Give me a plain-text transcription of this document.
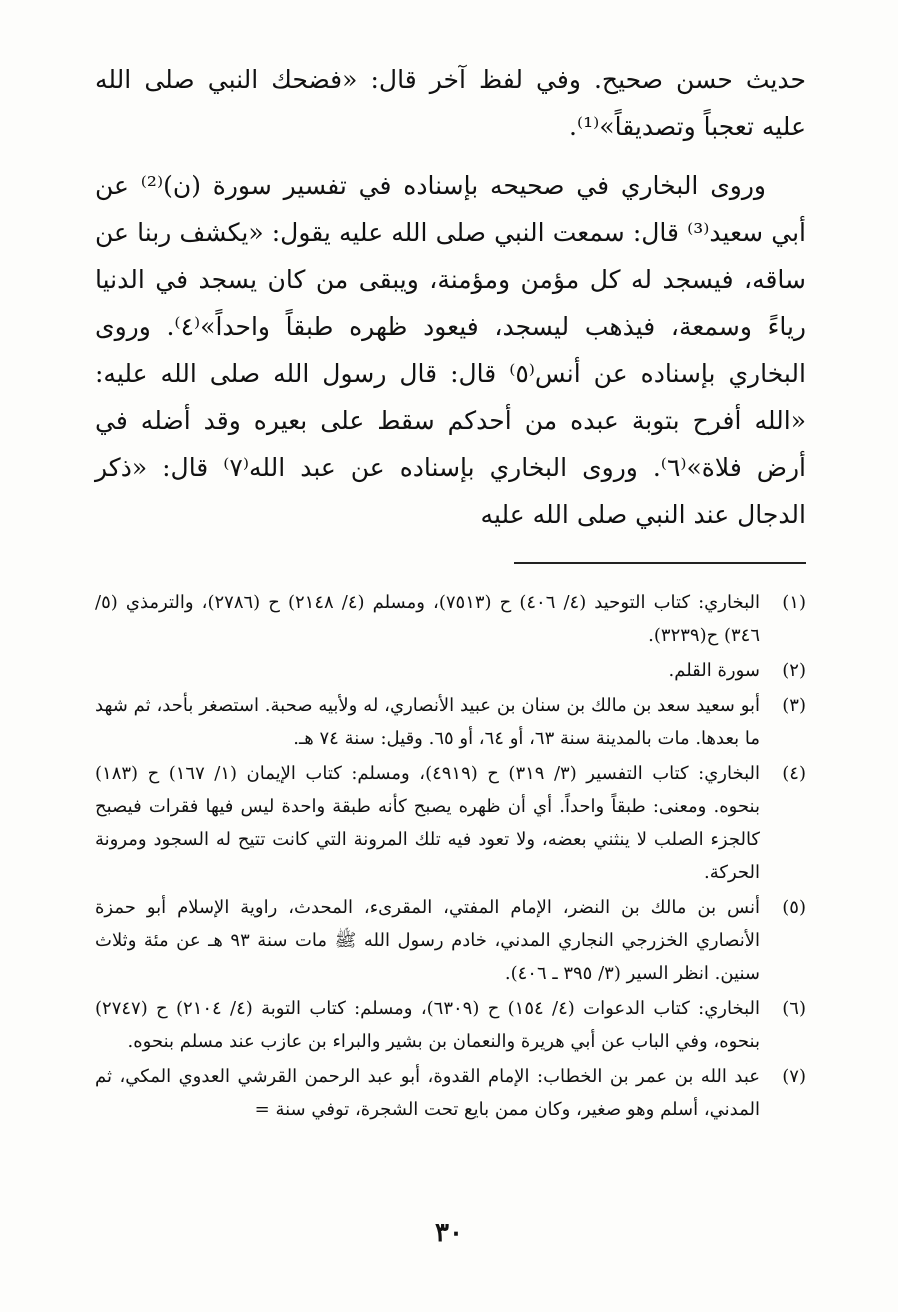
حديث حسن صحيح. وفي لفظ آخر قال: «فضحك النبي صلى الله عليه تعجباً وتصديقاً»⁽¹⁾.

وروى البخاري في صحيحه بإسناده في تفسير سورة (ن)⁽²⁾ عن أبي سعيد⁽³⁾ قال: سمعت النبي صلى الله عليه يقول: «يكشف ربنا عن ساقه، فيسجد له كل مؤمن ومؤمنة، ويبقى من كان يسجد في الدنيا رياءً وسمعة، فيذهب ليسجد، فيعود ظهره طبقاً واحداً»⁽٤⁾. وروى البخاري بإسناده عن أنس⁽٥⁾ قال: قال رسول الله صلى الله عليه: «الله أفرح بتوبة عبده من أحدكم سقط على بعيره وقد أضله في أرض فلاة»⁽٦⁾. وروى البخاري بإسناده عن عبد الله⁽٧⁾ قال: «ذكر الدجال عند النبي صلى الله عليه

(١)
البخاري: كتاب التوحيد (٤/ ٤٠٦) ح (٧٥١٣)، ومسلم (٤/ ٢١٤٨) ح (٢٧٨٦)، والترمذي (٥/ ٣٤٦) ح(٣٢٣٩).
(٢)
سورة القلم.
(٣)
أبو سعيد سعد بن مالك بن سنان بن عبيد الأنصاري، له ولأبيه صحبة. استصغر بأحد، ثم شهد ما بعدها. مات بالمدينة سنة ٦٣، أو ٦٤، أو ٦٥. وقيل: سنة ٧٤ هـ.
(٤)
البخاري: كتاب التفسير (٣/ ٣١٩) ح (٤٩١٩)، ومسلم: كتاب الإيمان (١/ ١٦٧) ح (١٨٣) بنحوه. ومعنى: طبقاً واحداً. أي أن ظهره يصبح كأنه طبقة واحدة ليس فيها فقرات فيصبح كالجزء الصلب لا ينثني بعضه، ولا تعود فيه تلك المرونة التي كانت تتيح له السجود ومرونة الحركة.
(٥)
أنس بن مالك بن النضر، الإمام المفتي، المقرىء، المحدث، راوية الإسلام أبو حمزة الأنصاري الخزرجي النجاري المدني، خادم رسول الله ﷺ مات سنة ٩٣ هـ عن مئة وثلاث سنين. انظر السير (٣/ ٣٩٥ ـ ٤٠٦).
(٦)
البخاري: كتاب الدعوات (٤/ ١٥٤) ح (٦٣٠٩)، ومسلم: كتاب التوبة (٤/ ٢١٠٤) ح (٢٧٤٧) بنحوه، وفي الباب عن أبي هريرة والنعمان بن بشير والبراء بن عازب عند مسلم بنحوه.
(٧)
عبد الله بن عمر بن الخطاب: الإمام القدوة، أبو عبد الرحمن القرشي العدوي المكي، ثم المدني، أسلم وهو صغير، وكان ممن بايع تحت الشجرة، توفي سنة =
٣٠
